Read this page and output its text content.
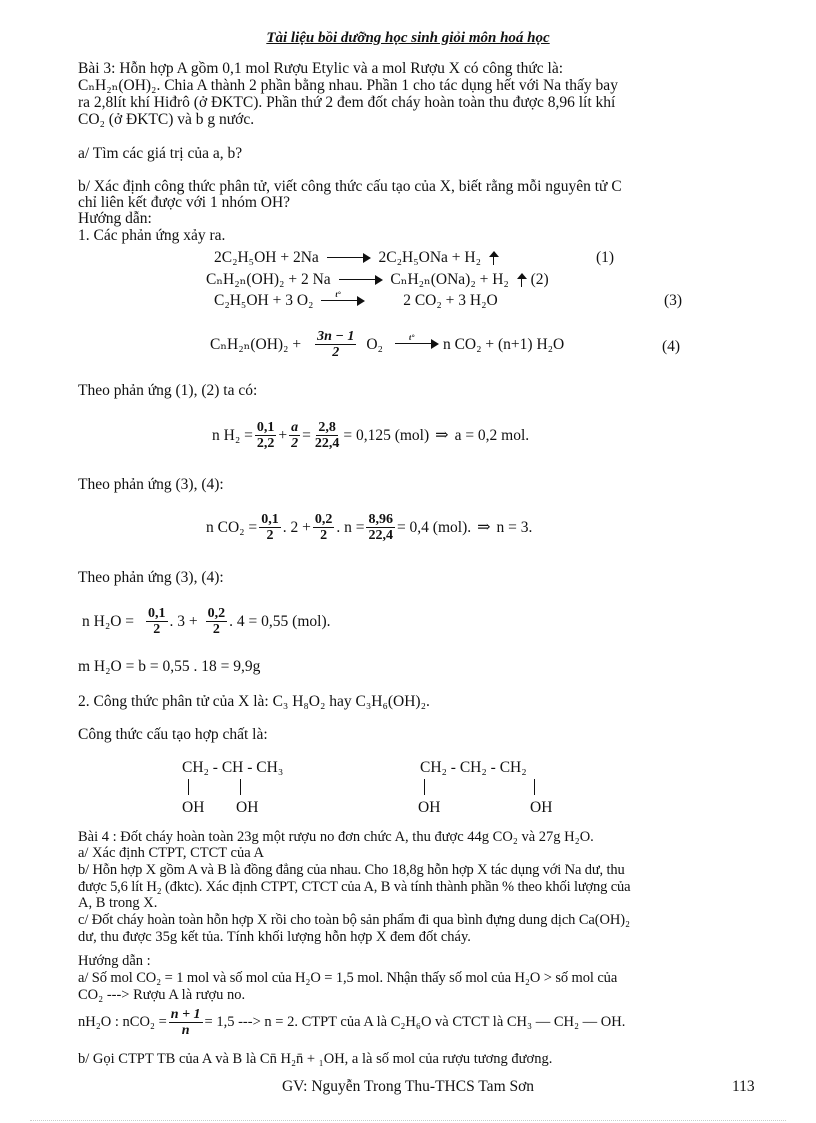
Tài liệu bồi dưỡng học sinh giỏi môn hoá học
Bài 3: Hỗn hợp A gồm 0,1 mol Rượu Etylic và a mol Rượu X có công thức là:
CₙH₂ₙ(OH)₂. Chia A thành 2 phần bằng nhau. Phần 1 cho tác dụng hết với Na thấy bay
ra 2,8lít khí Hiđrô (ở ĐKTC). Phần thứ 2 đem đốt cháy hoàn toàn thu được 8,96 lít khí
CO₂ (ở ĐKTC) và b g nước.
a/ Tìm các giá trị của a, b?
b/ Xác định công thức phân tử, viết công thức cấu tạo của X, biết rằng mỗi nguyên tử C
chỉ liên kết được với 1 nhóm OH?
Hướng dẫn:
1. Các phản ứng xảy ra.
2C₂H₅OH + 2Na	2C₂H₅ONa + H₂	(1)
CₙH₂ₙ(OH)₂ + 2 Na	CₙH₂ₙ(ONa)₂ + H₂ (2)
C₂H₅OH + 3 O₂	t°	2 CO₂ + 3 H₂O	(3)
$C_nH_{2n}(OH)_2 + \frac{3n - 1}{2} O_2$	t° n CO₂ + (n+1) H₂O	(4)
Theo phản ứng (1), (2) ta có:
n $H_2 = \frac{0,1}{2,2} + \frac{a}{2} = \frac{2,8}{22,4} = 0,125$ (mol) ⇒ a = 0,2 mol.
Theo phản ứng (3), (4):
n $CO_2 = \frac{0,1}{2}$ . $2 + \frac{0,2}{2}$ . $n = \frac{8,96}{22,4} = 0,4$ (mol). ⇒ n = 3.
Theo phản ứng (3), (4):
n $H_2O = \frac{0,1}{2}$ . $3 + \frac{0,2}{2}$ . 4 = 0,55 (mol).
m H₂O = b = 0,55 . 18 = 9,9g
2. Công thức phân tử của X là: C₃ H₈O₂ hay C₃H₆(OH)₂.
Công thức cấu tạo hợp chất là:
CH₂ - CH - CH₃
OH OH
CH₂ - CH₂ - CH₂
OH	OH
Bài 4 : Đốt cháy hoàn toàn 23g một rượu no đơn chức A, thu được 44g CO₂ và 27g H₂O.
a/ Xác định CTPT, CTCT của A
b/ Hỗn hợp X gồm A và B là đồng đẳng của nhau. Cho 18,8g hỗn hợp X tác dụng với Na dư, thu
được 5,6 lít H₂ (đktc). Xác định CTPT, CTCT của A, B và tính thành phần % theo khối lượng của
A, B trong X.
c/ Đốt cháy hoàn toàn hỗn hợp X rồi cho toàn bộ sản phẩm đi qua bình đựng dung dịch Ca(OH)₂
dư, thu được 35g kết tủa. Tính khối lượng hỗn hợp X đem đốt cháy.
Hướng dẫn :
a/ Số mol CO₂ = 1 mol và số mol của H₂O = 1,5 mol. Nhận thấy số mol của H₂O > số mol của
CO₂ ---> Rượu A là rượu no.
nH₂O : $nCO_2 = \frac{n + 1}{n} = 1,5$ ---> n = 2. CTPT của A là C₂H₆O và CTCT là CH₃ — CH₂ — OH.
b/ Gọi CTPT TB của A và B là Cn̄ H₂n̄ + ₁OH, a là số mol của rượu tương đương.
GV: Nguyễn Trong Thu-THCS Tam Sơn	113
